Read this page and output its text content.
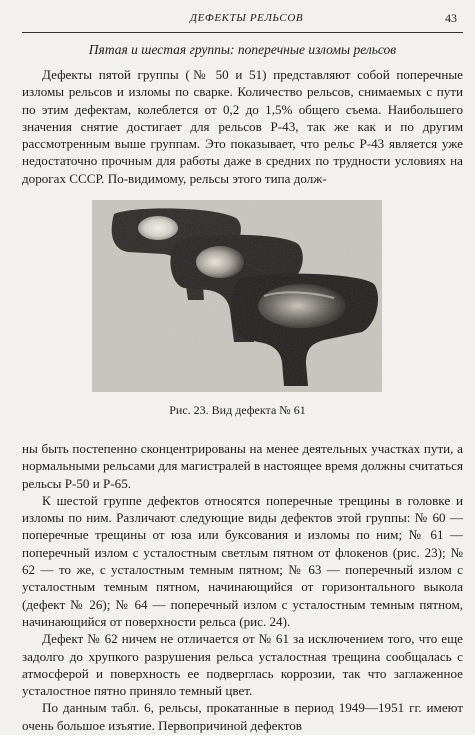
ДЕФЕКТЫ РЕЛЬСОВ	43
Пятая и шестая группы: поперечные изломы рельсов

Дефекты пятой группы (№ 50 и 51) представляют собой поперечные изломы рельсов и изломы по сварке. Количество рельсов, снимаемых с пути по этим дефектам, колеблется от 0,2 до 1,5% общего съема. Наибольшего значения снятие достигает для рельсов Р-43, так же как и по другим рассмотренным выше группам. Это показывает, что рельс Р-43 является уже недостаточно прочным для работы даже в средних по трудности условиях на дорогах СССР. По-видимому, рельсы этого типа долж-

Рис. 23. Вид дефекта № 61

ны быть постепенно сконцентрированы на менее деятельных участках пути, а нормальными рельсами для магистралей в настоящее время должны считаться рельсы Р-50 и Р-65.

К шестой группе дефектов относятся поперечные трещины в головке и изломы по ним. Различают следующие виды дефектов этой группы: № 60 — поперечные трещины от юза или буксования и изломы по ним; № 61 — поперечный излом с усталостным светлым пятном от флокенов (рис. 23); № 62 — то же, с усталостным темным пятном; № 63 — поперечный излом с усталостным темным пятном, начинающийся от горизонтального выкола (дефект № 26); № 64 — поперечный излом с усталостным темным пятном, начинающийся от поверхности рельса (рис. 24).

Дефект № 62 ничем не отличается от № 61 за исключением того, что еще задолго до хрупкого разрушения рельса усталостная трещина сообщалась с атмосферой и поверхность ее подверглась коррозии, так что заглаженное усталостное пятно приняло темный цвет.

По данным табл. 6, рельсы, прокатанные в период 1949—1951 гг. имеют очень большое изъятие. Первопричиной дефектов
